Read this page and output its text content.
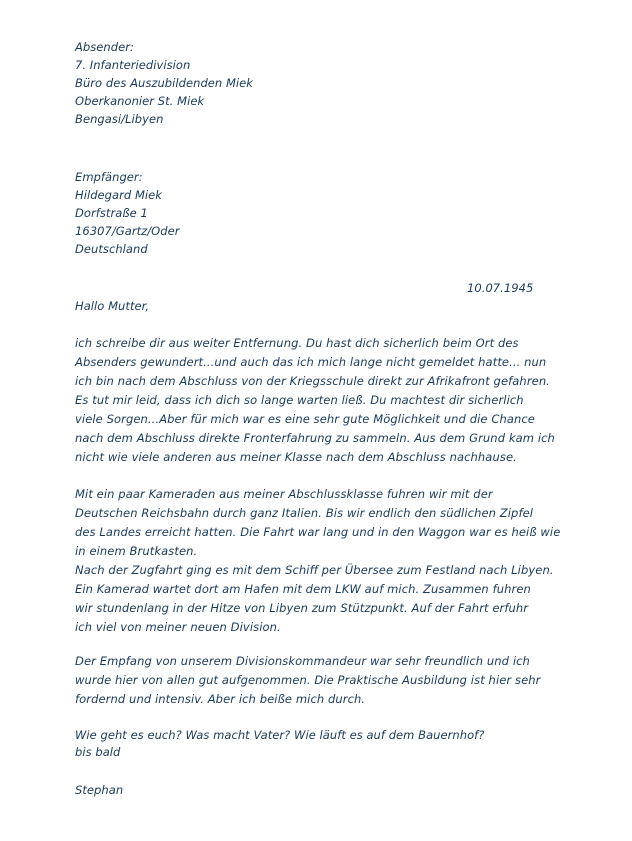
Absender:
7. Infanteriedivision
Büro des Auszubildenden Miek
Oberkanonier St. Miek
Bengasi/Libyen
Empfänger:
Hildegard Miek
Dorfstraße 1
16307/Gartz/Oder
Deutschland
10.07.1945
Hallo Mutter,
ich schreibe dir aus weiter Entfernung. Du hast dich sicherlich beim Ort des
Absenders gewundert...und auch das ich mich lange nicht gemeldet hatte... nun
ich bin nach dem Abschluss von der Kriegsschule direkt zur Afrikafront gefahren.
Es tut mir leid, dass ich dich so lange warten ließ. Du machtest dir sicherlich
viele Sorgen...Aber für mich war es eine sehr gute Möglichkeit und die Chance
nach dem Abschluss direkte Fronterfahrung zu sammeln. Aus dem Grund kam ich
nicht wie viele anderen aus meiner Klasse nach dem Abschluss nachhause.
Mit ein paar Kameraden aus meiner Abschlussklasse fuhren wir mit der
Deutschen Reichsbahn durch ganz Italien. Bis wir endlich den südlichen Zipfel
des Landes erreicht hatten. Die Fahrt war lang und in den Waggon war es heiß wie
in einem Brutkasten.
Nach der Zugfahrt ging es mit dem Schiff per Übersee zum Festland nach Libyen.
Ein Kamerad wartet dort am Hafen mit dem LKW auf mich. Zusammen fuhren
wir stundenlang in der Hitze von Libyen zum Stützpunkt. Auf der Fahrt erfuhr
ich viel von meiner neuen Division.
Der Empfang von unserem Divisionskommandeur war sehr freundlich und ich
wurde hier von allen gut aufgenommen. Die Praktische Ausbildung ist hier sehr
fordernd und intensiv. Aber ich beiße mich durch.
Wie geht es euch? Was macht Vater? Wie läuft es auf dem Bauernhof?
bis bald
Stephan
